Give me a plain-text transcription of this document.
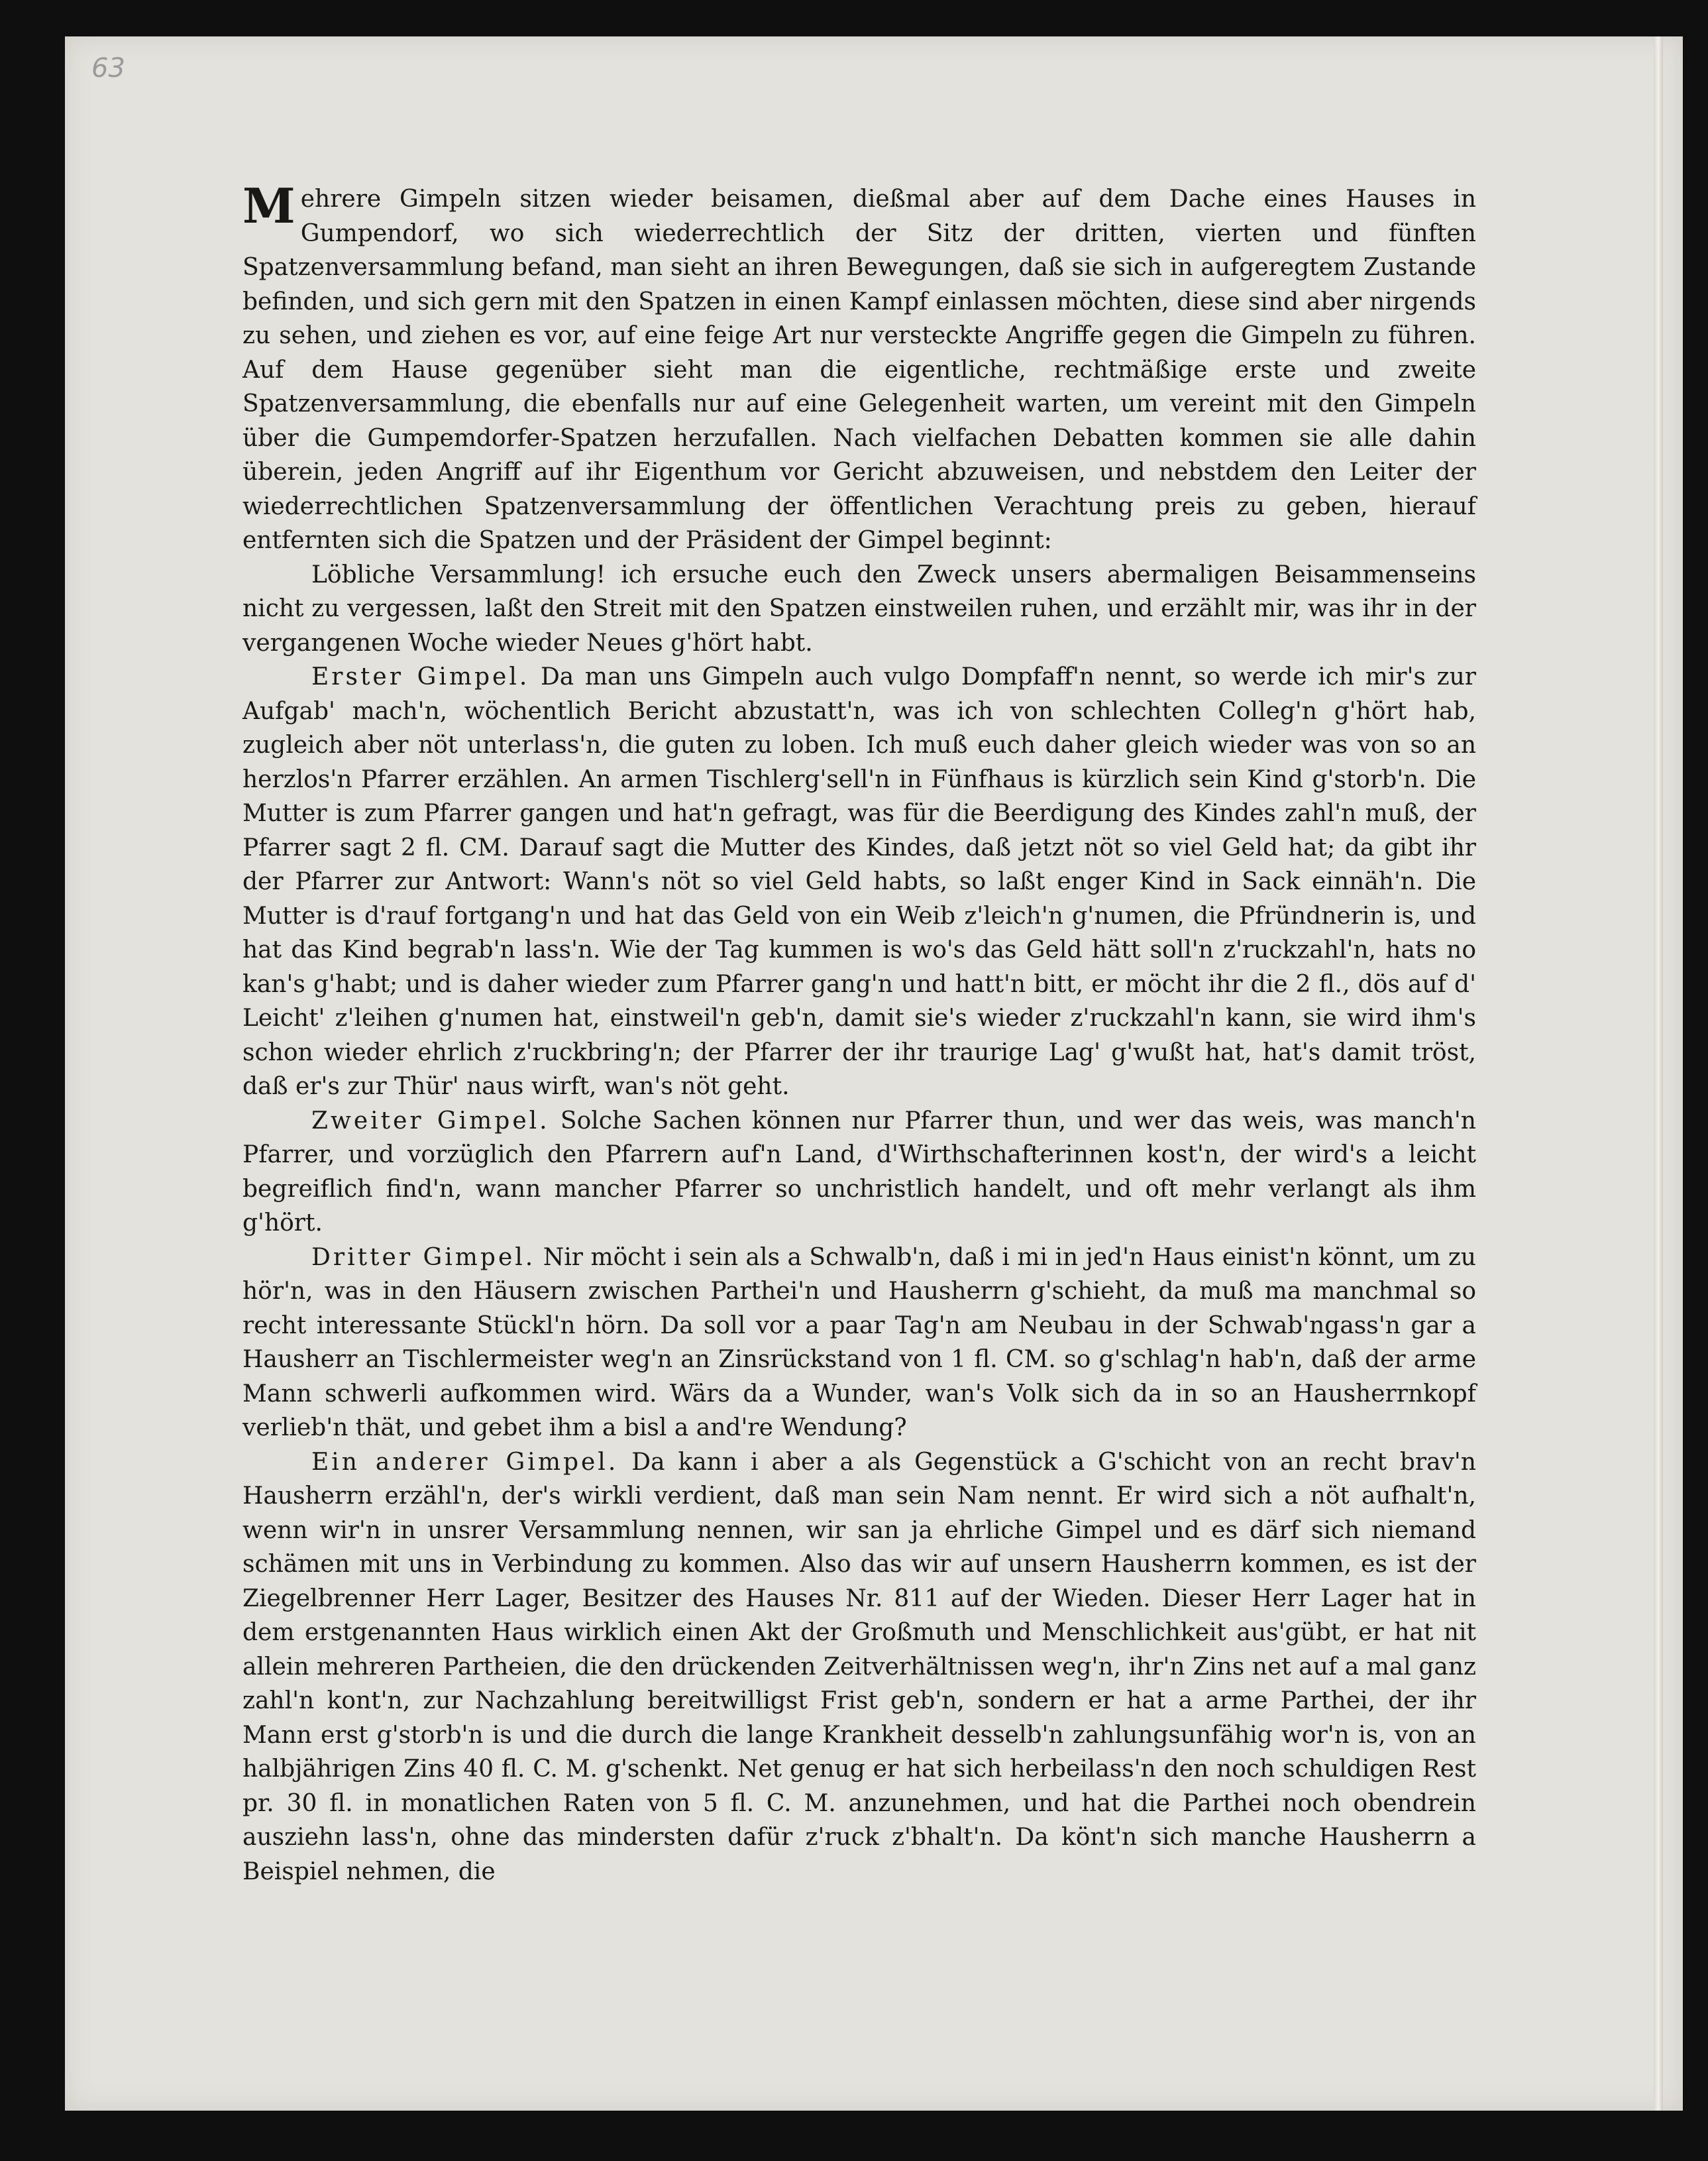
63

Mehrere Gimpeln sitzen wieder beisamen, dießmal aber auf dem Dache eines Hauses in Gumpendorf, wo sich wiederrechtlich der Sitz der dritten, vierten und fünften Spatzenversammlung befand, man sieht an ihren Bewegungen, daß sie sich in aufgeregtem Zustande befinden, und sich gern mit den Spatzen in einen Kampf einlassen möchten, diese sind aber nirgends zu sehen, und ziehen es vor, auf eine feige Art nur versteckte Angriffe gegen die Gimpeln zu führen. Auf dem Hause gegenüber sieht man die eigentliche, rechtmäßige erste und zweite Spatzenversammlung, die ebenfalls nur auf eine Gelegenheit warten, um vereint mit den Gimpeln über die Gumpemdorfer-Spatzen herzufallen. Nach vielfachen Debatten kommen sie alle dahin überein, jeden Angriff auf ihr Eigenthum vor Gericht abzuweisen, und nebstdem den Leiter der wiederrechtlichen Spatzenversammlung der öffentlichen Verachtung preis zu geben, hierauf entfernten sich die Spatzen und der Präsident der Gimpel beginnt:

Löbliche Versammlung! ich ersuche euch den Zweck unsers abermaligen Beisammenseins nicht zu vergessen, laßt den Streit mit den Spatzen einstweilen ruhen, und erzählt mir, was ihr in der vergangenen Woche wieder Neues g'hört habt.

Erster Gimpel. Da man uns Gimpeln auch vulgo Dompfaff'n nennt, so werde ich mir's zur Aufgab' mach'n, wöchentlich Bericht abzustatt'n, was ich von schlechten Colleg'n g'hört hab, zugleich aber nöt unterlass'n, die guten zu loben. Ich muß euch daher gleich wieder was von so an herzlos'n Pfarrer erzählen. An armen Tischlerg'sell'n in Fünfhaus is kürzlich sein Kind g'storb'n. Die Mutter is zum Pfarrer gangen und hat'n gefragt, was für die Beerdigung des Kindes zahl'n muß, der Pfarrer sagt 2 fl. CM. Darauf sagt die Mutter des Kindes, daß jetzt nöt so viel Geld hat; da gibt ihr der Pfarrer zur Antwort: Wann's nöt so viel Geld habts, so laßt enger Kind in Sack einnäh'n. Die Mutter is d'rauf fortgang'n und hat das Geld von ein Weib z'leich'n g'numen, die Pfründnerin is, und hat das Kind begrab'n lass'n. Wie der Tag kummen is wo's das Geld hätt soll'n z'ruckzahl'n, hats no kan's g'habt; und is daher wieder zum Pfarrer gang'n und hatt'n bitt, er möcht ihr die 2 fl., dös auf d' Leicht' z'leihen g'numen hat, einstweil'n geb'n, damit sie's wieder z'ruckzahl'n kann, sie wird ihm's schon wieder ehrlich z'ruckbring'n; der Pfarrer der ihr traurige Lag' g'wußt hat, hat's damit tröst, daß er's zur Thür' naus wirft, wan's nöt geht.

Zweiter Gimpel. Solche Sachen können nur Pfarrer thun, und wer das weis, was manch'n Pfarrer, und vorzüglich den Pfarrern auf'n Land, d'Wirthschafterinnen kost'n, der wird's a leicht begreiflich find'n, wann mancher Pfarrer so unchristlich handelt, und oft mehr verlangt als ihm g'hört.

Dritter Gimpel. Nir möcht i sein als a Schwalb'n, daß i mi in jed'n Haus einist'n könnt, um zu hör'n, was in den Häusern zwischen Parthei'n und Hausherrn g'schieht, da muß ma manchmal so recht interessante Stückl'n hörn. Da soll vor a paar Tag'n am Neubau in der Schwab'ngass'n gar a Hausherr an Tischlermeister weg'n an Zinsrückstand von 1 fl. CM. so g'schlag'n hab'n, daß der arme Mann schwerli aufkommen wird. Wärs da a Wunder, wan's Volk sich da in so an Hausherrnkopf verlieb'n thät, und gebet ihm a bisl a and're Wendung?

Ein anderer Gimpel. Da kann i aber a als Gegenstück a G'schicht von an recht brav'n Hausherrn erzähl'n, der's wirkli verdient, daß man sein Nam nennt. Er wird sich a nöt aufhalt'n, wenn wir'n in unsrer Versammlung nennen, wir san ja ehrliche Gimpel und es därf sich niemand schämen mit uns in Verbindung zu kommen. Also das wir auf unsern Hausherrn kommen, es ist der Ziegelbrenner Herr Lager, Besitzer des Hauses Nr. 811 auf der Wieden. Dieser Herr Lager hat in dem erstgenannten Haus wirklich einen Akt der Großmuth und Menschlichkeit aus'gübt, er hat nit allein mehreren Partheien, die den drückenden Zeitverhältnissen weg'n, ihr'n Zins net auf a mal ganz zahl'n kont'n, zur Nachzahlung bereitwilligst Frist geb'n, sondern er hat a arme Parthei, der ihr Mann erst g'storb'n is und die durch die lange Krankheit desselb'n zahlungsunfähig wor'n is, von an halbjährigen Zins 40 fl. C. M. g'schenkt. Net genug er hat sich herbeilass'n den noch schuldigen Rest pr. 30 fl. in monatlichen Raten von 5 fl. C. M. anzunehmen, und hat die Parthei noch obendrein ausziehn lass'n, ohne das mindersten dafür z'ruck z'bhalt'n. Da könt'n sich manche Hausherrn a Beispiel nehmen, die
